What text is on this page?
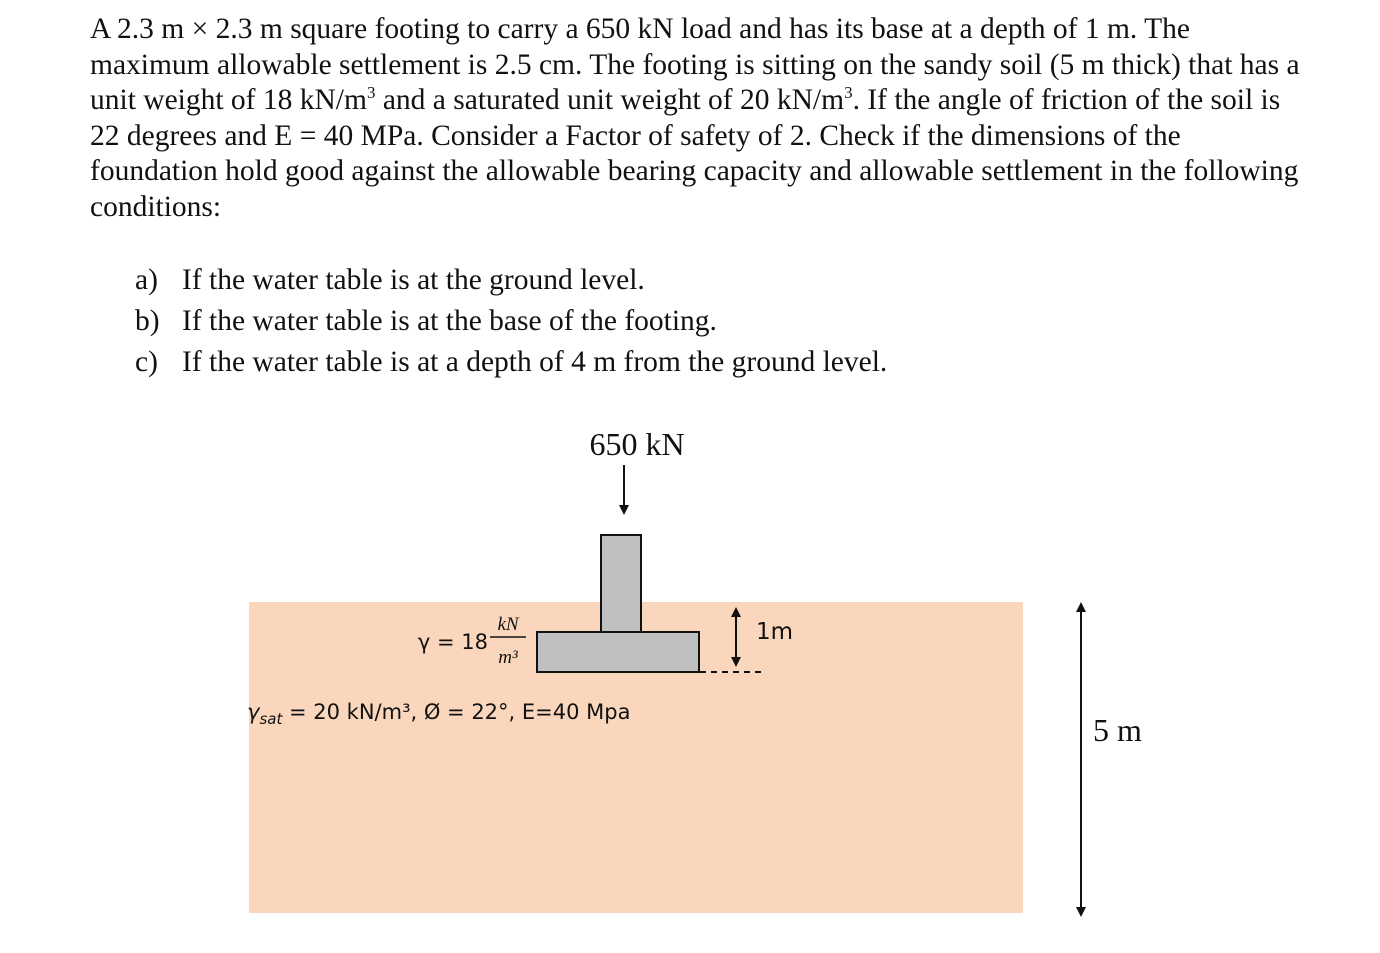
A 2.3 m × 2.3 m square footing to carry a 650 kN load and has its base at a depth of 1 m. The maximum allowable settlement is 2.5 cm. The footing is sitting on the sandy soil (5 m thick) that has a unit weight of 18 $kN/m^3$ and a saturated unit weight of 20 $kN/m^3$. If the angle of friction of the soil is 22 degrees and E = 40 MPa. Consider a Factor of safety of 2. Check if the dimensions of the foundation hold good against the allowable bearing capacity and allowable settlement in the following conditions:

a) If the water table is at the ground level.
b) If the water table is at the base of the footing.
c) If the water table is at a depth of 4 m from the ground level.
650 kN
1m
γ = 18
kN
m³
$\gamma_{sat} = 20$ kN/m³, Ø = 22°, E=40 Mpa	5 m
